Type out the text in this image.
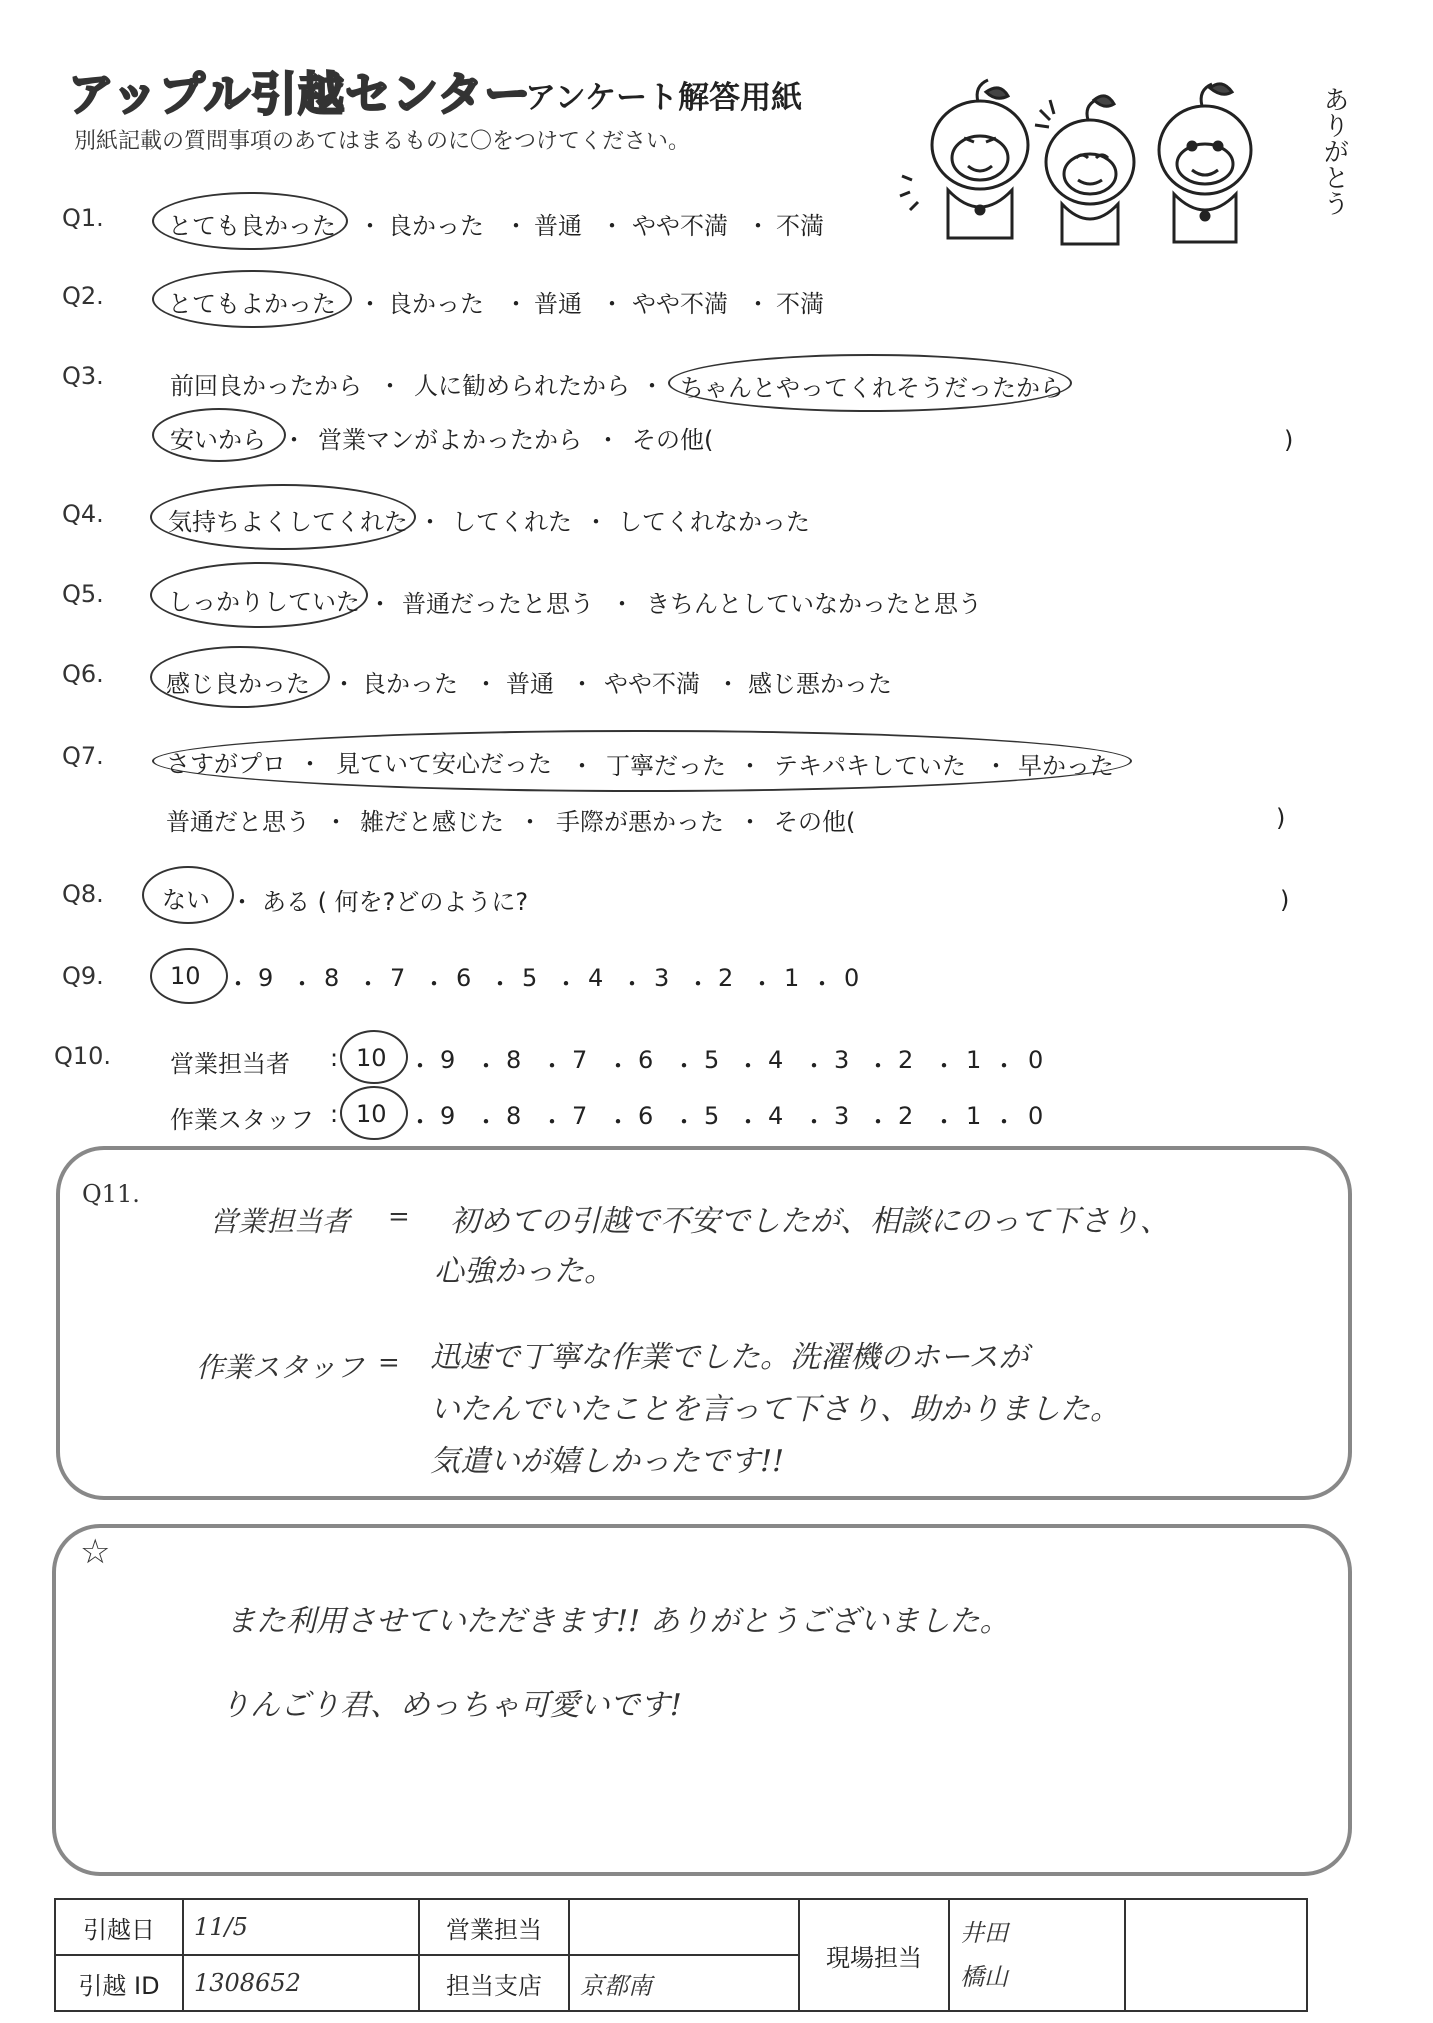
アップル引越センター
アンケート解答用紙
別紙記載の質問事項のあてはまるものに〇をつけてください。	ありがとう
Q1.	とても良かった ・ 良かった ・ 普通 ・ やや不満 ・ 不満
Q2.	とてもよかった ・ 良かった ・ 普通 ・ やや不満 ・ 不満
Q3.	前回良かったから ・ 人に勧められたから ・ ちゃんとやってくれそうだったから
安いから ・ 営業マンがよかったから ・ その他(	)
Q4.	気持ちよくしてくれた ・ してくれた ・ してくれなかった
Q5.	しっかりしていた ・ 普通だったと思う ・ きちんとしていなかったと思う
Q6.	感じ良かった ・ 良かった ・ 普通 ・ やや不満 ・ 感じ悪かった
Q7.	さすがプロ ・ 見ていて安心だった ・ 丁寧だった ・ テキパキしていた ・ 早かった
普通だと思う ・ 雑だと感じた ・ 手際が悪かった ・ その他(	)
Q8. ない ・ ある ( 何を?どのように?	)
Q9.	10 ・ 9 ・ 8 ・ 7 ・ 6 ・ 5 ・ 4 ・ 3 ・ 2 ・ 1 ・ 0
Q10. 営業担当者 : 10 ・ 9 ・ 8 ・ 7 ・ 6 ・ 5 ・ 4 ・ 3 ・ 2 ・ 1 ・ 0
作業スタッフ : 10 ・ 9 ・ 8 ・ 7 ・ 6 ・ 5 ・ 4 ・ 3 ・ 2 ・ 1 ・ 0
Q11.
営業担当者 = 初めての引越で不安でしたが、相談にのって下さり、
心強かった。
作業スタッフ = 迅速で丁寧な作業でした。洗濯機のホースが
いたんでいたことを言って下さり、助かりました。
気遣いが嬉しかったです!!
☆
また利用させていただきます!! ありがとうございました。
りんごり君、めっちゃ可愛いです!
引越日	11/5	営業担当		現場担当	井田
橋山	

引越 ID	1308652	担当支店	京都南			
